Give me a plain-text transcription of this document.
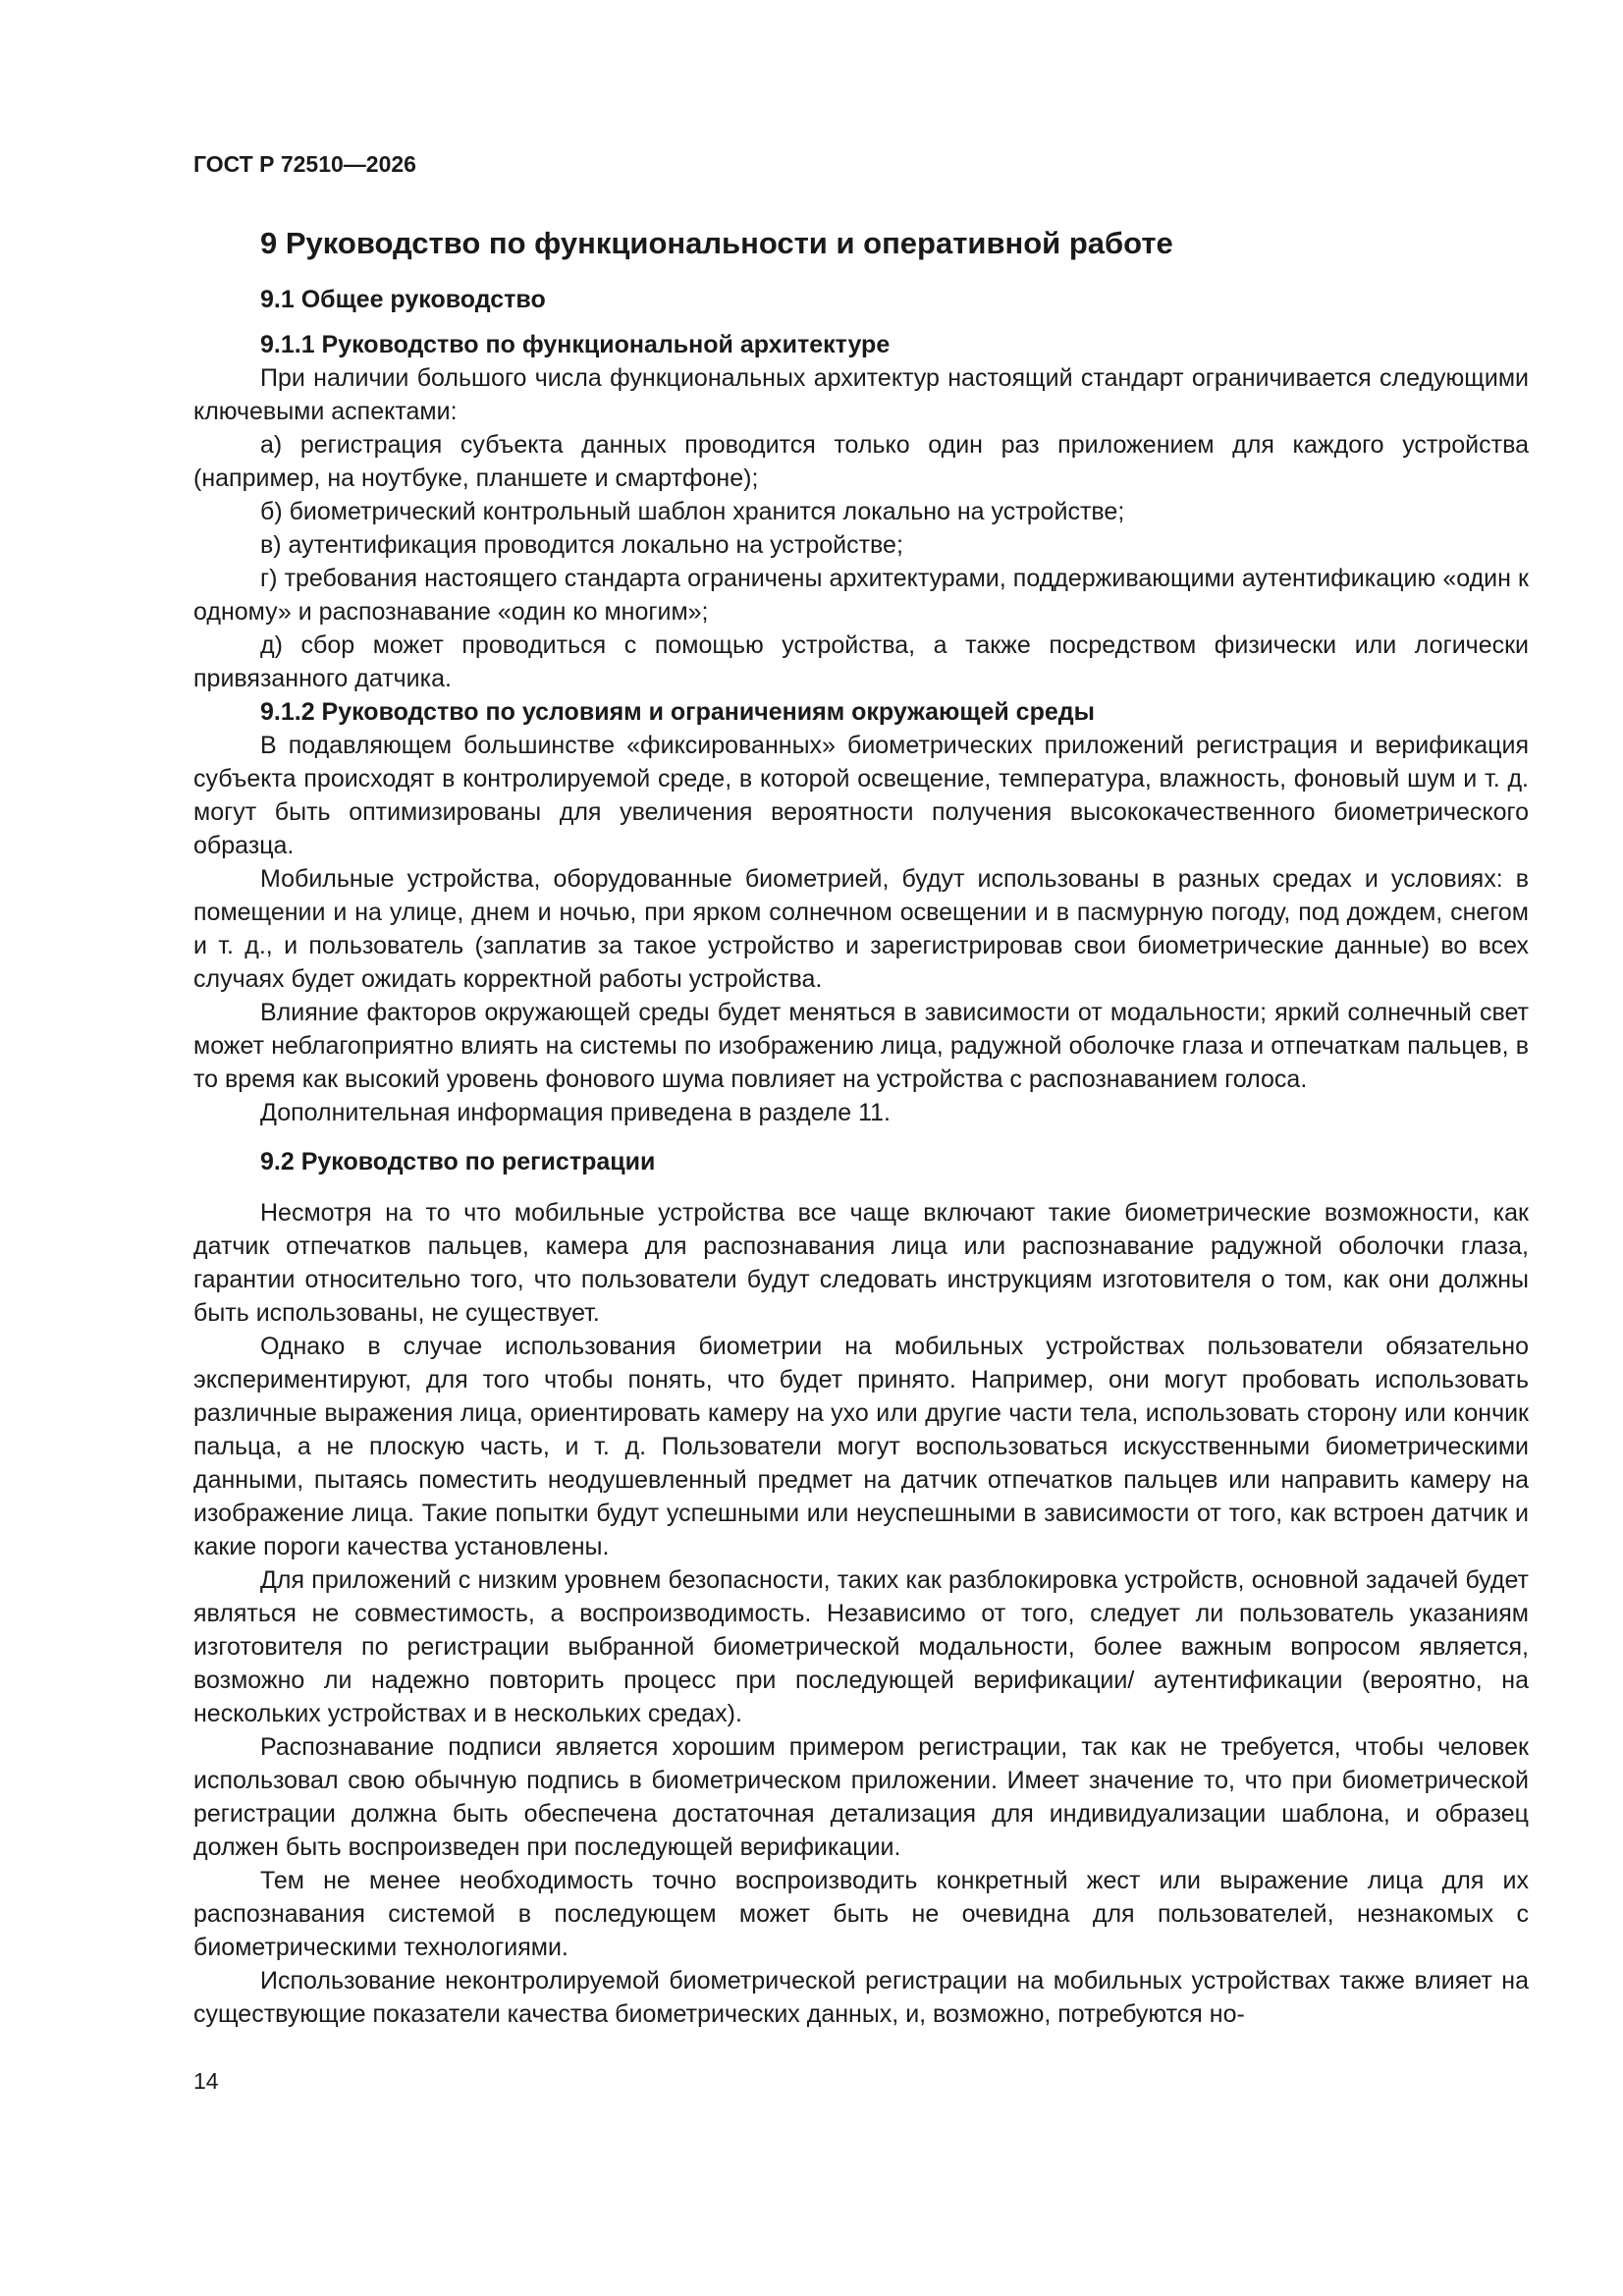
ГОСТ Р 72510—2026
9 Руководство по функциональности и оперативной работе
9.1 Общее руководство
9.1.1 Руководство по функциональной архитектуре

При наличии большого числа функциональных архитектур настоящий стандарт ограничивается следующими ключевыми аспектами:

а) регистрация субъекта данных проводится только один раз приложением для каждого устройства (например, на ноутбуке, планшете и смартфоне);

б) биометрический контрольный шаблон хранится локально на устройстве;

в) аутентификация проводится локально на устройстве;

г) требования настоящего стандарта ограничены архитектурами, поддерживающими аутентификацию «один к одному» и распознавание «один ко многим»;

д) сбор может проводиться с помощью устройства, а также посредством физически или логически привязанного датчика.

9.1.2 Руководство по условиям и ограничениям окружающей среды

В подавляющем большинстве «фиксированных» биометрических приложений регистрация и верификация субъекта происходят в контролируемой среде, в которой освещение, температура, влажность, фоновый шум и т. д. могут быть оптимизированы для увеличения вероятности получения высококачественного биометрического образца.

Мобильные устройства, оборудованные биометрией, будут использованы в разных средах и условиях: в помещении и на улице, днем и ночью, при ярком солнечном освещении и в пасмурную погоду, под дождем, снегом и т. д., и пользователь (заплатив за такое устройство и зарегистрировав свои биометрические данные) во всех случаях будет ожидать корректной работы устройства.

Влияние факторов окружающей среды будет меняться в зависимости от модальности; яркий солнечный свет может неблагоприятно влиять на системы по изображению лица, радужной оболочке глаза и отпечаткам пальцев, в то время как высокий уровень фонового шума повлияет на устройства с распознаванием голоса.

Дополнительная информация приведена в разделе 11.

9.2 Руководство по регистрации

Несмотря на то что мобильные устройства все чаще включают такие биометрические возможности, как датчик отпечатков пальцев, камера для распознавания лица или распознавание радужной оболочки глаза, гарантии относительно того, что пользователи будут следовать инструкциям изготовителя о том, как они должны быть использованы, не существует.

Однако в случае использования биометрии на мобильных устройствах пользователи обязательно экспериментируют, для того чтобы понять, что будет принято. Например, они могут пробовать использовать различные выражения лица, ориентировать камеру на ухо или другие части тела, использовать сторону или кончик пальца, а не плоскую часть, и т. д. Пользователи могут воспользоваться искусственными биометрическими данными, пытаясь поместить неодушевленный предмет на датчик отпечатков пальцев или направить камеру на изображение лица. Такие попытки будут успешными или неуспешными в зависимости от того, как встроен датчик и какие пороги качества установлены.

Для приложений с низким уровнем безопасности, таких как разблокировка устройств, основной задачей будет являться не совместимость, а воспроизводимость. Независимо от того, следует ли пользователь указаниям изготовителя по регистрации выбранной биометрической модальности, более важным вопросом является, возможно ли надежно повторить процесс при последующей верификации/ аутентификации (вероятно, на нескольких устройствах и в нескольких средах).

Распознавание подписи является хорошим примером регистрации, так как не требуется, чтобы человек использовал свою обычную подпись в биометрическом приложении. Имеет значение то, что при биометрической регистрации должна быть обеспечена достаточная детализация для индивидуализации шаблона, и образец должен быть воспроизведен при последующей верификации.

Тем не менее необходимость точно воспроизводить конкретный жест или выражение лица для их распознавания системой в последующем может быть не очевидна для пользователей, незнакомых с биометрическими технологиями.

Использование неконтролируемой биометрической регистрации на мобильных устройствах также влияет на существующие показатели качества биометрических данных, и, возможно, потребуются но-

14
